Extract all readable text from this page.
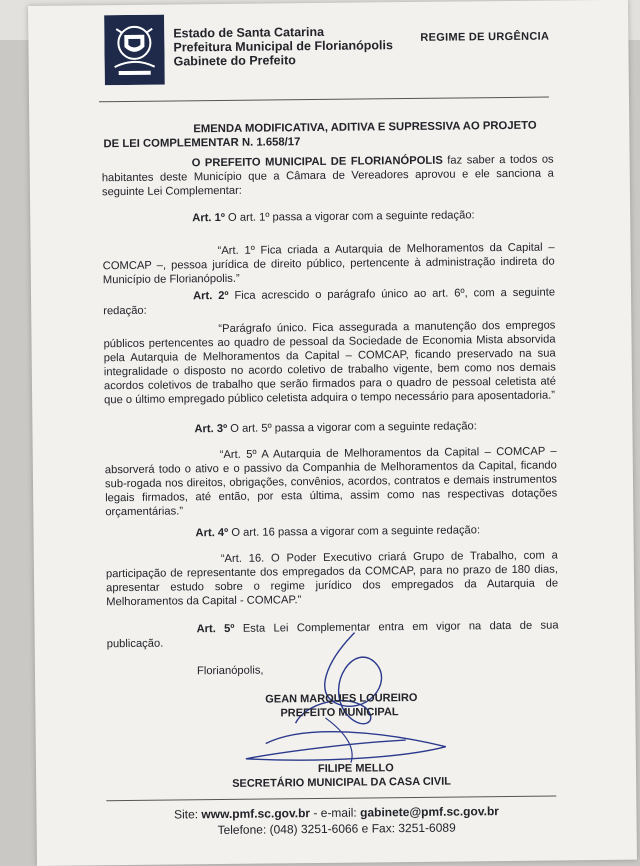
Estado de Santa Catarina
Prefeitura Municipal de Florianópolis
Gabinete do Prefeito
REGIME DE URGÊNCIA
EMENDA MODIFICATIVA, ADITIVA E SUPRESSIVA AO PROJETO
DE LEI COMPLEMENTAR N. 1.658/17
O PREFEITO MUNICIPAL DE FLORIANÓPOLIS faz saber a todos os habitantes deste Município que a Câmara de Vereadores aprovou e ele sanciona a seguinte Lei Complementar:
Art. 1º O art. 1º passa a vigorar com a seguinte redação:
“Art. 1º Fica criada a Autarquia de Melhoramentos da Capital – COMCAP –, pessoa jurídica de direito público, pertencente à administração indireta do Município de Florianópolis.”
Art. 2º Fica acrescido o parágrafo único ao art. 6º, com a seguinte redação:
“Parágrafo único. Fica assegurada a manutenção dos empregos públicos pertencentes ao quadro de pessoal da Sociedade de Economia Mista absorvida pela Autarquia de Melhoramentos da Capital – COMCAP, ficando preservado na sua integralidade o disposto no acordo coletivo de trabalho vigente, bem como nos demais acordos coletivos de trabalho que serão firmados para o quadro de pessoal celetista até que o último empregado público celetista adquira o tempo necessário para aposentadoria.”
Art. 3º O art. 5º passa a vigorar com a seguinte redação:
“Art. 5º A Autarquia de Melhoramentos da Capital – COMCAP – absorverá todo o ativo e o passivo da Companhia de Melhoramentos da Capital, ficando sub-rogada nos direitos, obrigações, convênios, acordos, contratos e demais instrumentos legais firmados, até então, por esta última, assim como nas respectivas dotações orçamentárias.”
Art. 4º O art. 16 passa a vigorar com a seguinte redação:
“Art. 16. O Poder Executivo criará Grupo de Trabalho, com a participação de representante dos empregados da COMCAP, para no prazo de 180 dias, apresentar estudo sobre o regime jurídico dos empregados da Autarquia de Melhoramentos da Capital - COMCAP.”
Art. 5º Esta Lei Complementar entra em vigor na data de sua publicação.
Florianópolis,
GEAN MARQUES LOUREIRO
PREFEITO MUNICIPAL
FILIPE MELLO
SECRETÁRIO MUNICIPAL DA CASA CIVIL
Site: www.pmf.sc.gov.br - e-mail: gabinete@pmf.sc.gov.br
Telefone: (048) 3251-6066 e Fax: 3251-6089
